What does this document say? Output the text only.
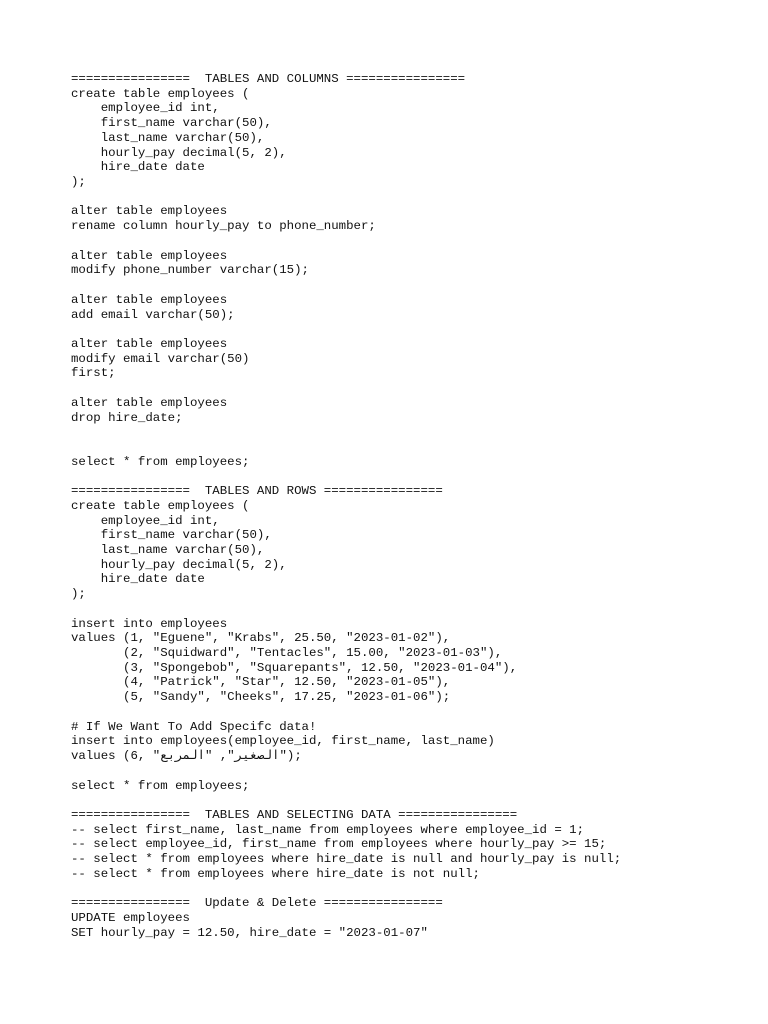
================  TABLES AND COLUMNS ================
create table employees (
employee_id int,
first_name varchar(50),
last_name varchar(50),
hourly_pay decimal(5, 2),
hire_date date
);

alter table employees
rename column hourly_pay to phone_number;

alter table employees
modify phone_number varchar(15);

alter table employees
add email varchar(50);

alter table employees
modify email varchar(50)
first;

alter table employees
drop hire_date;

select * from employees;

================  TABLES AND ROWS ================
create table employees (
employee_id int,
first_name varchar(50),
last_name varchar(50),
hourly_pay decimal(5, 2),
hire_date date
);

insert into employees
values (1, "Eguene", "Krabs", 25.50, "2023-01-02"),
(2, "Squidward", "Tentacles", 15.00, "2023-01-03"),
(3, "Spongebob", "Squarepants", 12.50, "2023-01-04"),
(4, "Patrick", "Star", 12.50, "2023-01-05"),
(5, "Sandy", "Cheeks", 17.25, "2023-01-06");

# If We Want To Add Specifc data!
insert into employees(employee_id, first_name, last_name)
values (6, "الصغير", "المربع");

select * from employees;

================  TABLES AND SELECTING DATA ================
-- select first_name, last_name from employees where employee_id = 1;
-- select employee_id, first_name from employees where hourly_pay >= 15;
-- select * from employees where hire_date is null and hourly_pay is null;
-- select * from employees where hire_date is not null;

================  Update & Delete ================
UPDATE employees
SET hourly_pay = 12.50, hire_date = "2023-01-07"
